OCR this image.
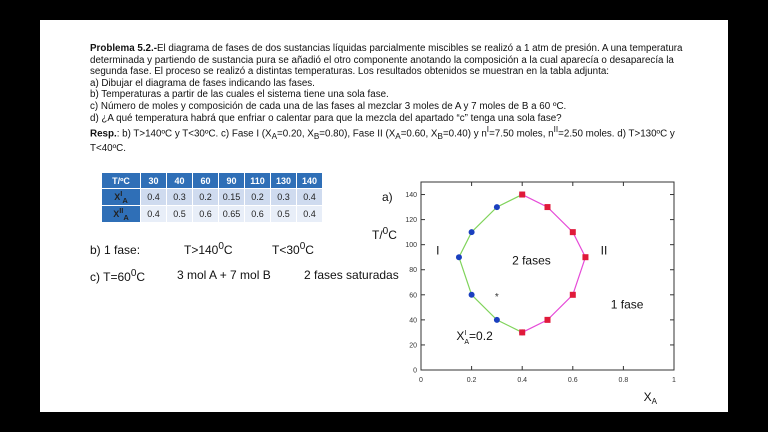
Problema 5.2.-El diagrama de fases de dos sustancias líquidas parcialmente miscibles se realizó a 1 atm de presión. A una temperatura determinada y partiendo de sustancia pura se añadió el otro componente anotando la composición a la cual aparecía o desaparecía la segunda fase. El proceso se realizó a distintas temperaturas. Los resultados obtenidos se muestran en la tabla adjunta:

a) Dibujar el diagrama de fases indicando las fases.

b) Temperaturas a partir de las cuales el sistema tiene una sola fase.

c) Número de moles y composición de cada una de las fases al mezclar 3 moles de A y 7 moles de B a 60 ºC.

d) ¿A qué temperatura habrá que enfriar o calentar para que la mezcla del apartado “c” tenga una sola fase?

Resp.: b) T>140ºC y T<30ºC. c) Fase I ($X_A=0.20$, $X_B=0.80$), Fase II ($X_A=0.60$, $X_B=0.40$) y $n^I=7.50$ moles, $n^{II}=2.50$ moles. d) T>130ºC y T<40ºC.

T/ºC	30	40	60	90	110	130	140
$X^I_A$	0.4	0.3	0.2	0.15	0.2	0.3	0.4
$X^{II}_A$	0.4	0.5	0.6	0.65	0.6	0.5	0.4
a)
T/$^0$C
b) 1 fase:	$T>140^0C$	$T<30^0C$
c) $T=60^0C$	3 mol A + 7 mol B	2 fases saturadas
0	0.2	0.4	0.6	0.8	1
0
20
40
60
80
100
120
140
I	II
2 fases
1 fase
*
$X^I$ A=0.2
$X_A$
